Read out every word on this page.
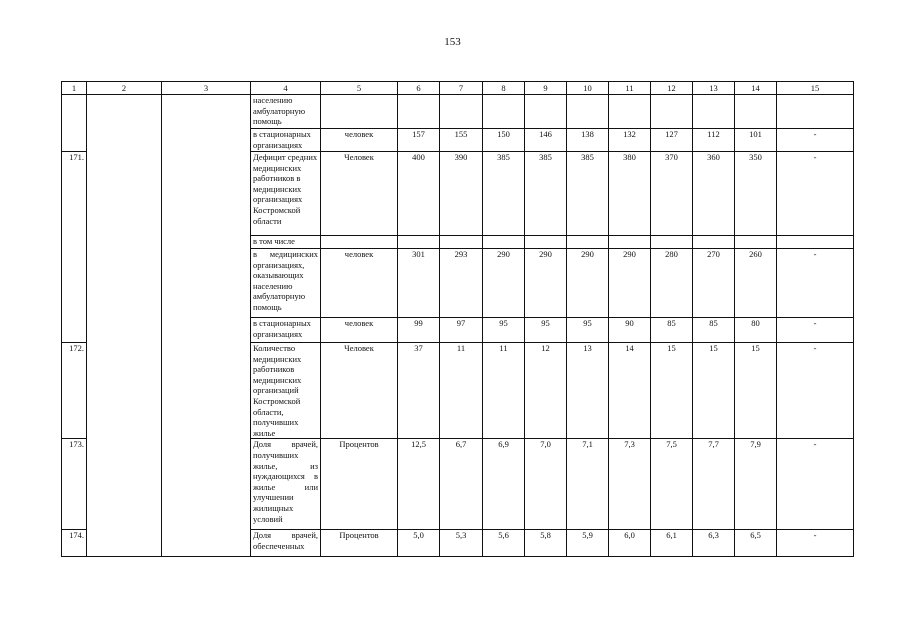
153
1	2	3	4	5	6	7	8	9	10	11	12	13	14	15
			населению амбулаторную помощь											
			в стационарных организациях	человек	157	155	150	146	138	132	127	112	101	-
171.			Дефицит средних медицинских работников в медицинских организациях Костромской области	Человек	400	390	385	385	385	380	370	360	350	-
			в том числе											
			в медицинских организациях, оказывающих населению амбулаторную помощь	человек	301	293	290	290	290	290	280	270	260	-
			в стационарных организациях	человек	99	97	95	95	95	90	85	85	80	-
172.			Количество медицинских работников медицинских организаций Костромской области, получивших жилье	Человек	37	11	11	12	13	14	15	15	15	-
173.			Доля врачей, получивших жилье, из нуждающихся в жилье или улучшении жилищных условий	Процентов	12,5	6,7	6,9	7,0	7,1	7,3	7,5	7,7	7,9	-
174.			Доля врачей, обеспеченных	Процентов	5,0	5,3	5,6	5,8	5,9	6,0	6,1	6,3	6,5	-
